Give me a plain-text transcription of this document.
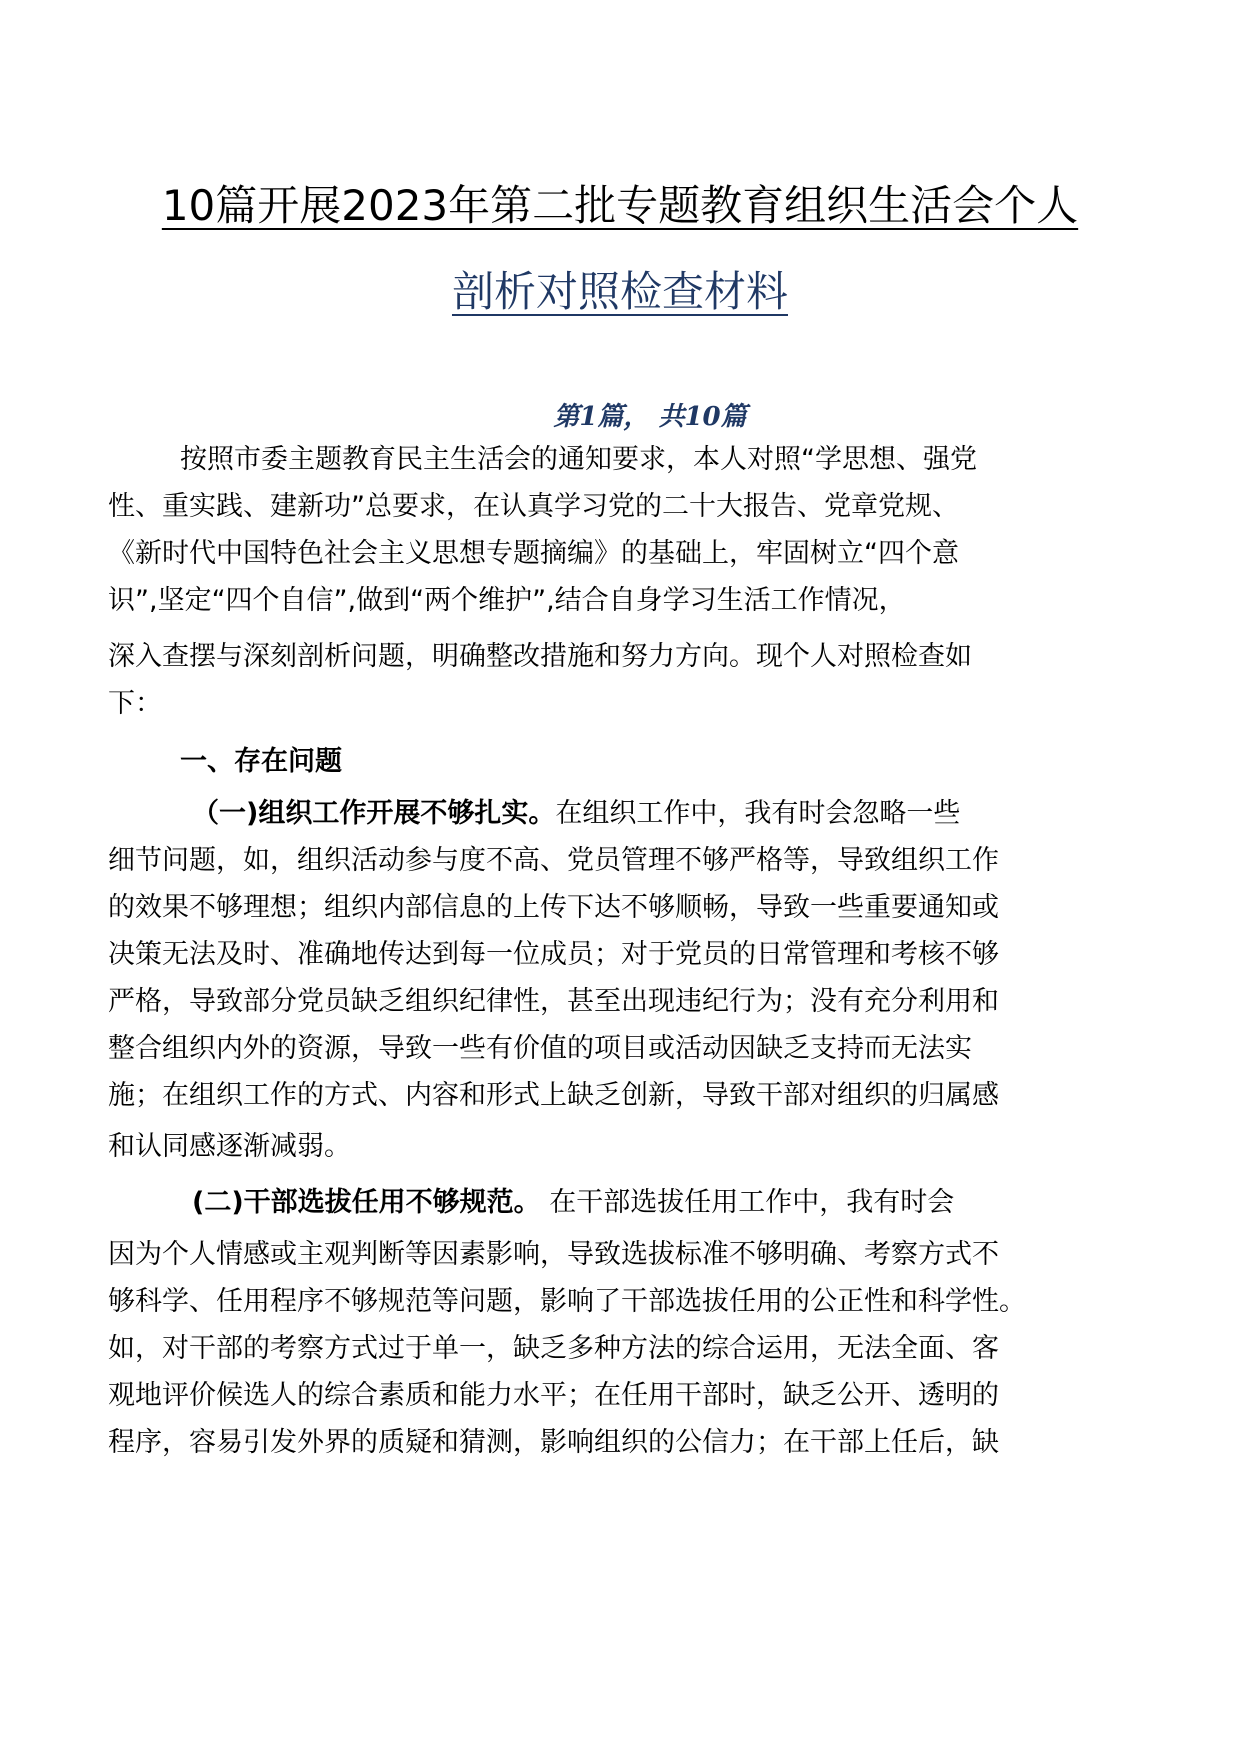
10篇开展2023年第二批专题教育组织生活会个人
剖析对照检查材料
第1篇， 共10篇
按照市委主题教育民主生活会的通知要求，本人对照“学思想、强党
性、重实践、建新功”总要求，在认真学习党的二十大报告、党章党规、
《新时代中国特色社会主义思想专题摘编》的基础上，牢固树立“四个意
识”,坚定“四个自信”,做到“两个维护”,结合自身学习生活工作情况，
深入查摆与深刻剖析问题，明确整改措施和努力方向。现个人对照检查如
下：
一、存在问题
（一)组织工作开展不够扎实。在组织工作中，我有时会忽略一些
细节问题，如，组织活动参与度不高、党员管理不够严格等，导致组织工作
的效果不够理想；组织内部信息的上传下达不够顺畅，导致一些重要通知或
决策无法及时、准确地传达到每一位成员；对于党员的日常管理和考核不够
严格，导致部分党员缺乏组织纪律性，甚至出现违纪行为；没有充分利用和
整合组织内外的资源，导致一些有价值的项目或活动因缺乏支持而无法实
施；在组织工作的方式、内容和形式上缺乏创新，导致干部对组织的归属感
和认同感逐渐减弱。
(二)干部选拔任用不够规范。 在干部选拔任用工作中，我有时会
因为个人情感或主观判断等因素影响，导致选拔标准不够明确、考察方式不
够科学、任用程序不够规范等问题，影响了干部选拔任用的公正性和科学性。
如，对干部的考察方式过于单一，缺乏多种方法的综合运用，无法全面、客
观地评价候选人的综合素质和能力水平；在任用干部时，缺乏公开、透明的
程序，容易引发外界的质疑和猜测，影响组织的公信力；在干部上任后，缺
